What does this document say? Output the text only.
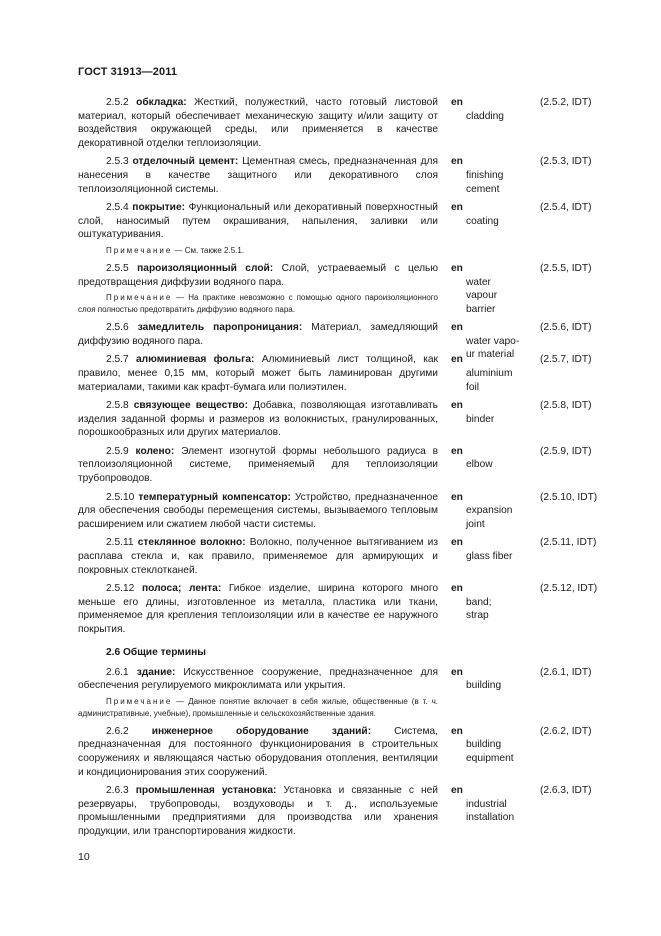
ГОСТ 31913—2011

2.5.2 обкладка: Жесткий, полужесткий, часто готовый листовой материал, который обеспечивает механическую защиту и/или защиту от воздействия окружающей среды, или применяется в качестве декоративной отделки теплоизоляции.

en
cladding
(2.5.2, IDT)

2.5.3 отделочный цемент: Цементная смесь, предназначенная для нанесения в качестве защитного или декоративного слоя теплоизоляционной системы.

en
finishing
cement
(2.5.3, IDT)

2.5.4 покрытие: Функциональный или декоративный поверхностный слой, наносимый путем окрашивания, напыления, заливки или оштукатуривания.

Примечание — См. также 2.5.1.

en
coating
(2.5.4, IDT)

2.5.5 пароизоляционный слой: Слой, устраеваемый с целью предотвращения диффузии водяного пара.

Примечание — На практике невозможно с помощью одного пароизоляционного слоя полностью предотвратить диффузию водяного пара.

en
water
vapour
barrier
(2.5.5, IDT)

2.5.6 замедлитель паропроницания: Материал, замедляющий диффузию водяного пара.

en
water vapo-
ur material
(2.5.6, IDT)

2.5.7 алюминиевая фольга: Алюминиевый лист толщиной, как правило, менее 0,15 мм, который может быть ламинирован другими материалами, такими как крафт-бумага или полиэтилен.

en
aluminium
foil
(2.5.7, IDT)

2.5.8 связующее вещество: Добавка, позволяющая изготавливать изделия заданной формы и размеров из волокнистых, гранулированных, порошкообразных или других материалов.

en
binder
(2.5.8, IDT)

2.5.9 колено: Элемент изогнутой формы небольшого радиуса в теплоизоляционной системе, применяемый для теплоизоляции трубопроводов.

en
elbow
(2.5.9, IDT)

2.5.10 температурный компенсатор: Устройство, предназначенное для обеспечения свободы перемещения системы, вызываемого тепловым расширением или сжатием любой части системы.

en
expansion
joint
(2.5.10, IDT)

2.5.11 стеклянное волокно: Волокно, полученное вытягиванием из расплава стекла и, как правило, применяемое для армирующих и покровных стеклотканей.

en
glass fiber
(2.5.11, IDT)

2.5.12 полоса; лента: Гибкое изделие, ширина которого много меньше его длины, изготовленное из металла, пластика или ткани, применяемое для крепления теплоизоляции или в качестве ее наружного покрытия.

en
band;
strap
(2.5.12, IDT)

2.6 Общие термины

2.6.1 здание: Искусственное сооружение, предназначенное для обеспечения регулируемого микроклимата или укрытия.

Примечание — Данное понятие включает в себя жилые, общественные (в т. ч. административные, учебные), промышленные и сельскохозяйственные здания.

en
building
(2.6.1, IDT)

2.6.2 инженерное оборудование зданий: Система, предназначенная для постоянного функционирования в строительных сооружениях и являющаяся частью оборудования отопления, вентиляции и кондиционирования этих сооружений.

en
building
equipment
(2.6.2, IDT)

2.6.3 промышленная установка: Установка и связанные с ней резервуары, трубопроводы, воздуховоды и т. д., используемые промышленными предприятиями для производства или хранения продукции, или транспортирования жидкости.

en
industrial
installation
(2.6.3, IDT)
10
